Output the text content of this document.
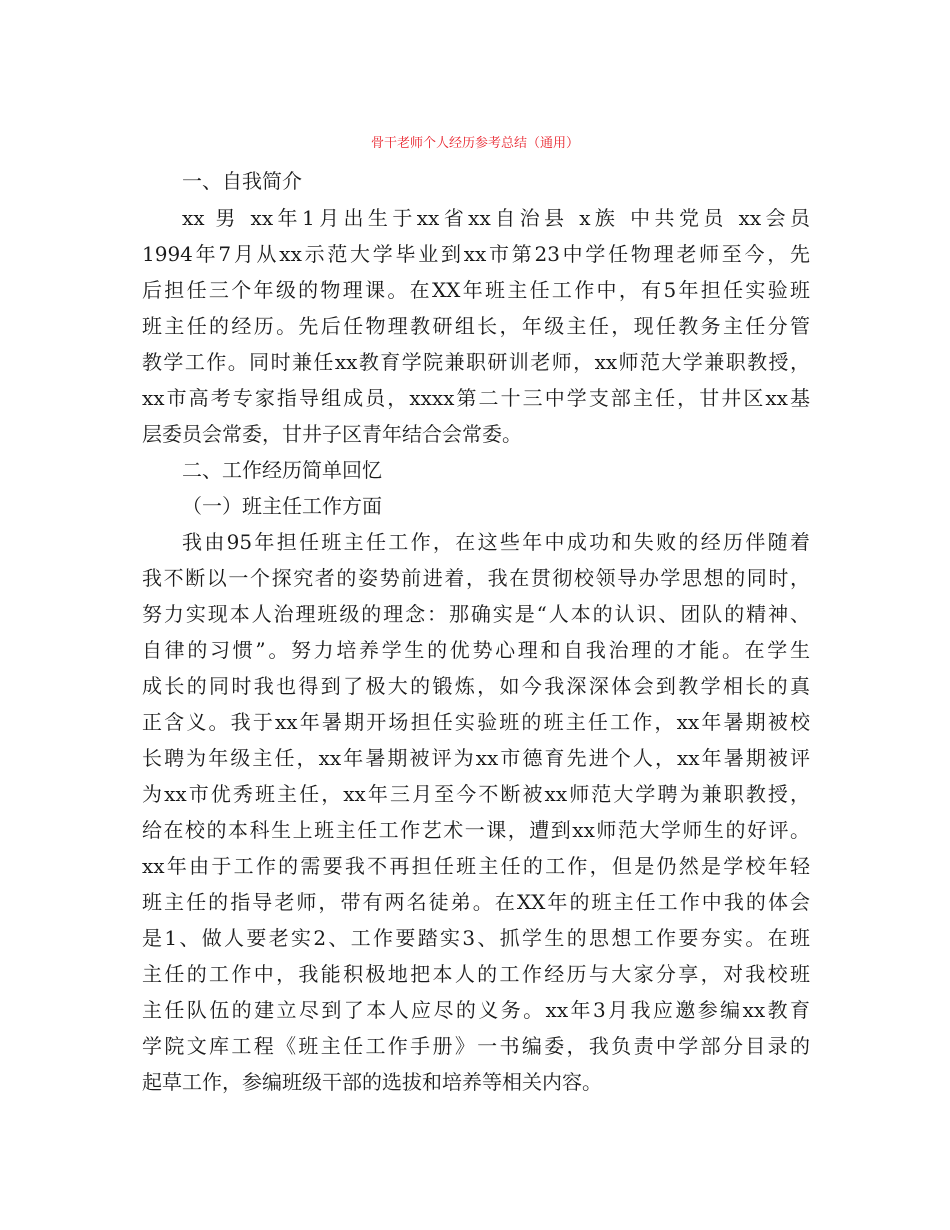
骨干老师个人经历参考总结（通用）
一、自我简介
xx 男 xx年1月出生于xx省xx自治县 x族 中共党员 xx会员
1994年7月从xx示范大学毕业到xx市第23中学任物理老师至今，先
后担任三个年级的物理课。在XX年班主任工作中，有5年担任实验班
班主任的经历。先后任物理教研组长，年级主任，现任教务主任分管
教学工作。同时兼任xx教育学院兼职研训老师，xx师范大学兼职教授，
xx市高考专家指导组成员，xxxx第二十三中学支部主任，甘井区xx基
层委员会常委，甘井子区青年结合会常委。
二、工作经历简单回忆
（一）班主任工作方面
我由95年担任班主任工作，在这些年中成功和失败的经历伴随着
我不断以一个探究者的姿势前进着，我在贯彻校领导办学思想的同时，
努力实现本人治理班级的理念：那确实是“人本的认识、团队的精神、
自律的习惯”。努力培养学生的优势心理和自我治理的才能。在学生
成长的同时我也得到了极大的锻炼，如今我深深体会到教学相长的真
正含义。我于xx年暑期开场担任实验班的班主任工作，xx年暑期被校
长聘为年级主任，xx年暑期被评为xx市德育先进个人，xx年暑期被评
为xx市优秀班主任，xx年三月至今不断被xx师范大学聘为兼职教授，
给在校的本科生上班主任工作艺术一课，遭到xx师范大学师生的好评。
xx年由于工作的需要我不再担任班主任的工作，但是仍然是学校年轻
班主任的指导老师，带有两名徒弟。在XX年的班主任工作中我的体会
是1、做人要老实2、工作要踏实3、抓学生的思想工作要夯实。在班
主任的工作中，我能积极地把本人的工作经历与大家分享，对我校班
主任队伍的建立尽到了本人应尽的义务。xx年3月我应邀参编xx教育
学院文库工程《班主任工作手册》一书编委，我负责中学部分目录的
起草工作，参编班级干部的选拔和培养等相关内容。
